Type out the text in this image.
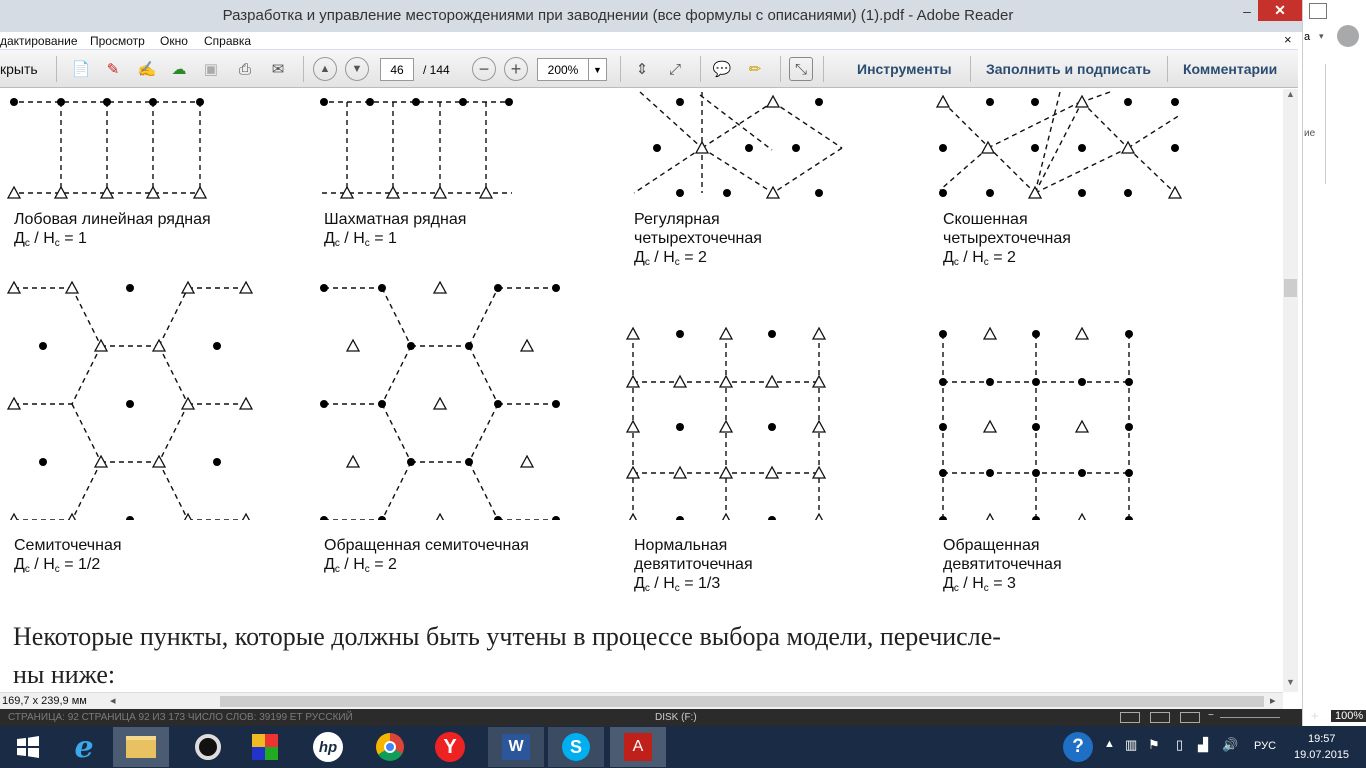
Разработка и управление месторождениями при заводнении (все формулы с описаниями) (1).pdf - Adobe Reader	‒ ✕
дактирование Просмотр Окно Справка	×
крыть 📄	✎	✍	☁	▣	⎙	✉	▲	▼	46	/ 144	−	+	200%	▼	⇕	⤢	💬	✏	⤡	Инструменты Заполнить и подписать Комментарии
Лобовая линейная рядная
$Д_с / Н_с = 1$
Шахматная рядная
$Д_с / Н_с = 1$
Регулярная
четырехточечная
$Д_с / Н_с = 2$
Скошенная
четырехточечная
$Д_с / Н_с = 2$
Семиточечная
$Д_с / Н_с = 1/2$
Обращенная семиточечная
$Д_с / Н_с = 2$
Нормальная
девятиточечная
$Д_с / Н_с = 1/3$
Обращенная
девятиточечная
$Д_с / Н_с = 3$
Некоторые пункты, которые должны быть учтены в процессе выбора модели, перечисле-
ны ниже:
▲
▼
169,7 x 239,9 мм ◂	▸
СТРАНИЦА: 92 СТРАНИЦА 92 ИЗ 173 ЧИСЛО СЛОВ: 39199 ЕТ РУССКИЙ	DISK (F:)	−
а ▾
ие
100%
+
e	hp	Y	W	S	A	?	▲ ▥ ⚑ ▯ ▟ 🔊 РУС
19:57
19.07.2015
